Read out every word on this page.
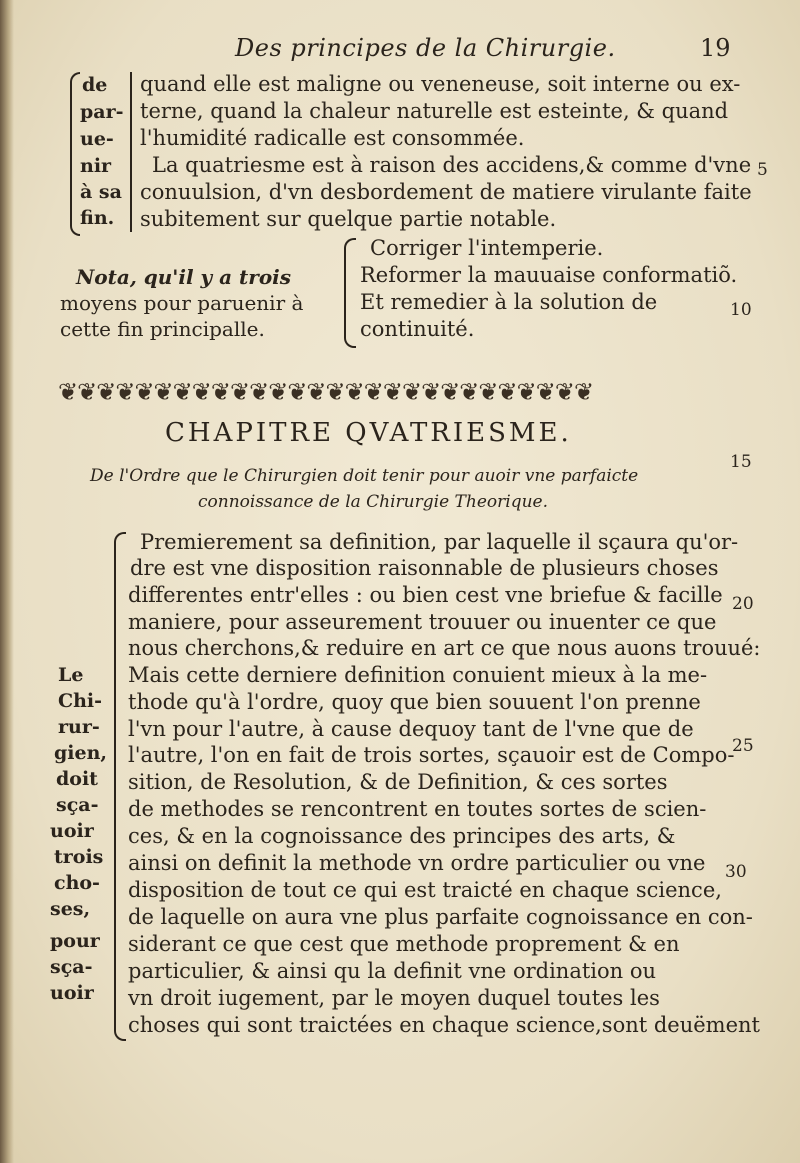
Des principes de la Chirurgie.	19
de
par-
ue-
nir
à sa
fin.
quand elle est maligne ou veneneuse, soit interne ou ex-
terne, quand la chaleur naturelle est esteinte, & quand
l'humidité radicalle est consommée.
La quatriesme est à raison des accidens,& comme d'vne
conuulsion, d'vn desbordement de matiere virulante faite
subitement sur quelque partie notable.
5
Nota, qu'il y a trois
moyens pour paruenir à
cette fin principalle.
Corriger l'intemperie.
Reformer la mauuaise conformatiõ.
Et remedier à la solution de
continuité.
10
❦❦❦❦❦❦❦❦❦❦❦❦❦❦❦❦❦❦❦❦❦❦❦❦❦❦❦❦
CHAPITRE QVATRIESME.
De l'Ordre que le Chirurgien doit tenir pour auoir vne parfaicte
connoissance de la Chirurgie Theorique.
15
Le
Chi-
rur-
gien,
doit
sça-
uoir
trois
cho-
ses,
pour
sça-
uoir
Premierement sa definition, par laquelle il sçaura qu'or-
dre est vne disposition raisonnable de plusieurs choses
differentes entr'elles : ou bien cest vne briefue & facille
maniere, pour asseurement trouuer ou inuenter ce que
nous cherchons,& reduire en art ce que nous auons trouué:
Mais cette derniere definition conuient mieux à la me-
thode qu'à l'ordre, quoy que bien souuent l'on prenne
l'vn pour l'autre, à cause dequoy tant de l'vne que de
l'autre, l'on en fait de trois sortes, sçauoir est de Compo-
sition, de Resolution, & de Definition, & ces sortes
de methodes se rencontrent en toutes sortes de scien-
ces, & en la cognoissance des principes des arts, &
ainsi on definit la methode vn ordre particulier ou vne
disposition de tout ce qui est traicté en chaque science,
de laquelle on aura vne plus parfaite cognoissance en con-
siderant ce que cest que methode proprement & en
particulier, & ainsi qu la definit vne ordination ou
vn droit iugement, par le moyen duquel toutes les
choses qui sont traictées en chaque science,sont deuëment
20
25
30
